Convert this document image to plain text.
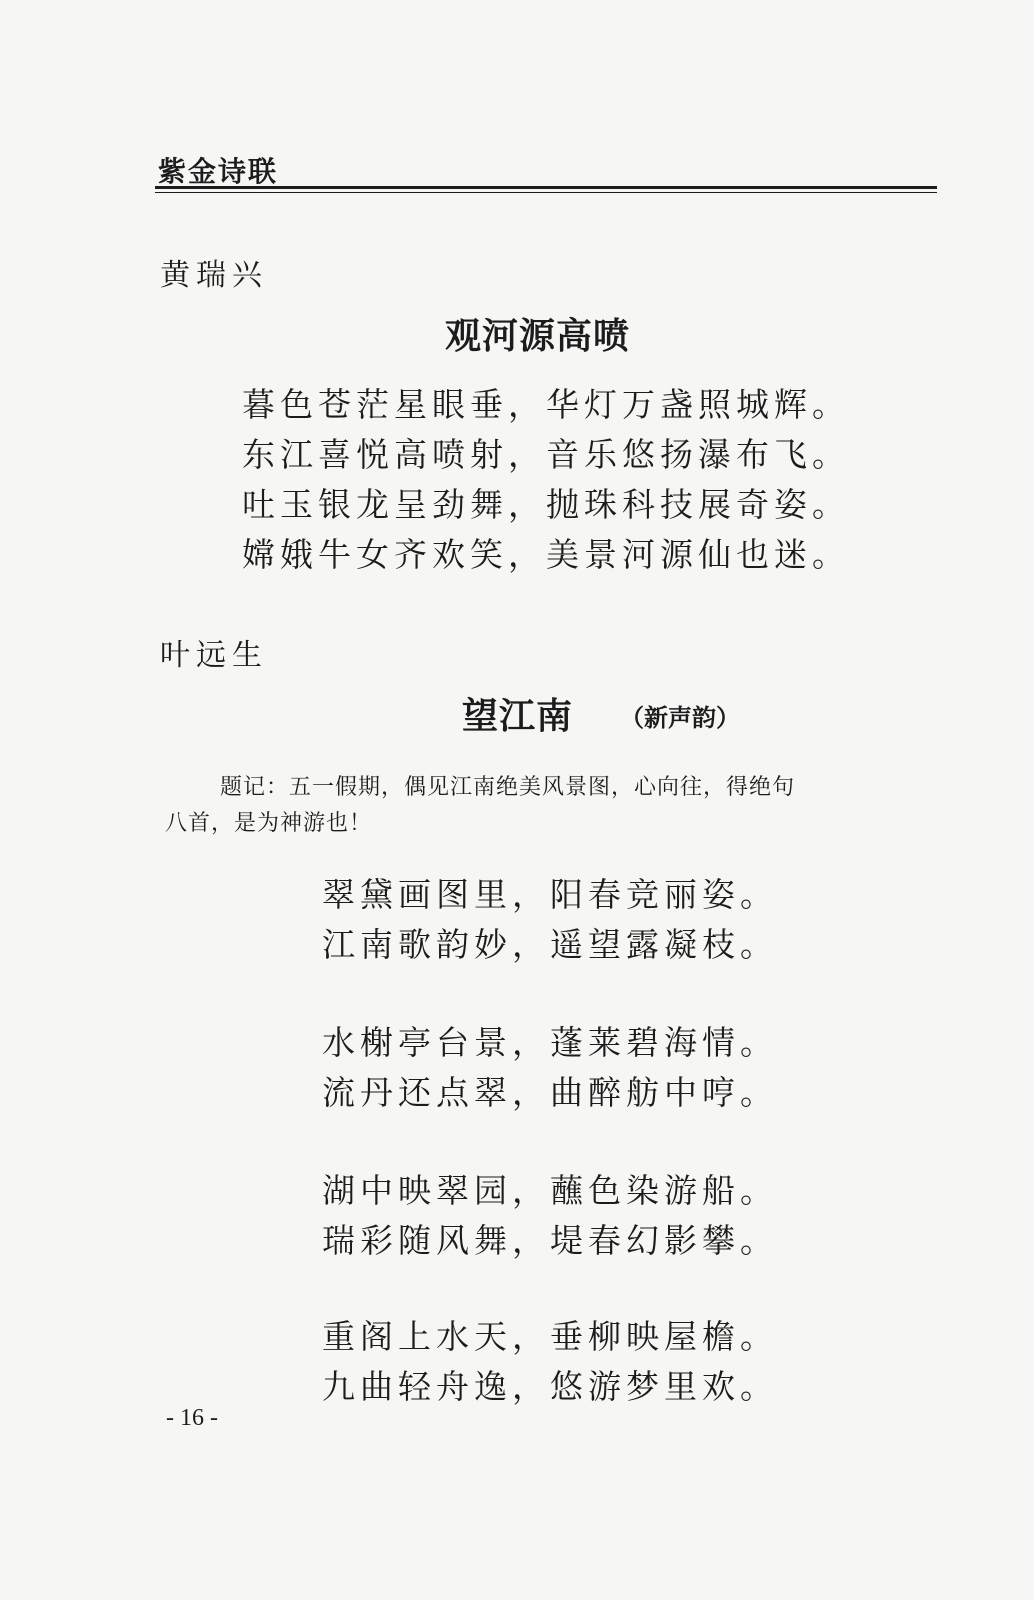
紫金诗联
黄瑞兴
观河源高喷
暮色苍茫星眼垂，华灯万盏照城辉。
东江喜悦高喷射，音乐悠扬瀑布飞。
吐玉银龙呈劲舞，抛珠科技展奇姿。
嫦娥牛女齐欢笑，美景河源仙也迷。
叶远生
望江南 （新声韵）

题记：五一假期，偶见江南绝美风景图，心向往，得绝句

八首，是为神游也！

翠黛画图里，阳春竞丽姿。
江南歌韵妙，遥望露凝枝。
水榭亭台景，蓬莱碧海情。
流丹还点翠，曲醉舫中哼。
湖中映翠园，蘸色染游船。
瑞彩随风舞，堤春幻影攀。
重阁上水天，垂柳映屋檐。
九曲轻舟逸，悠游梦里欢。
- 16 -
